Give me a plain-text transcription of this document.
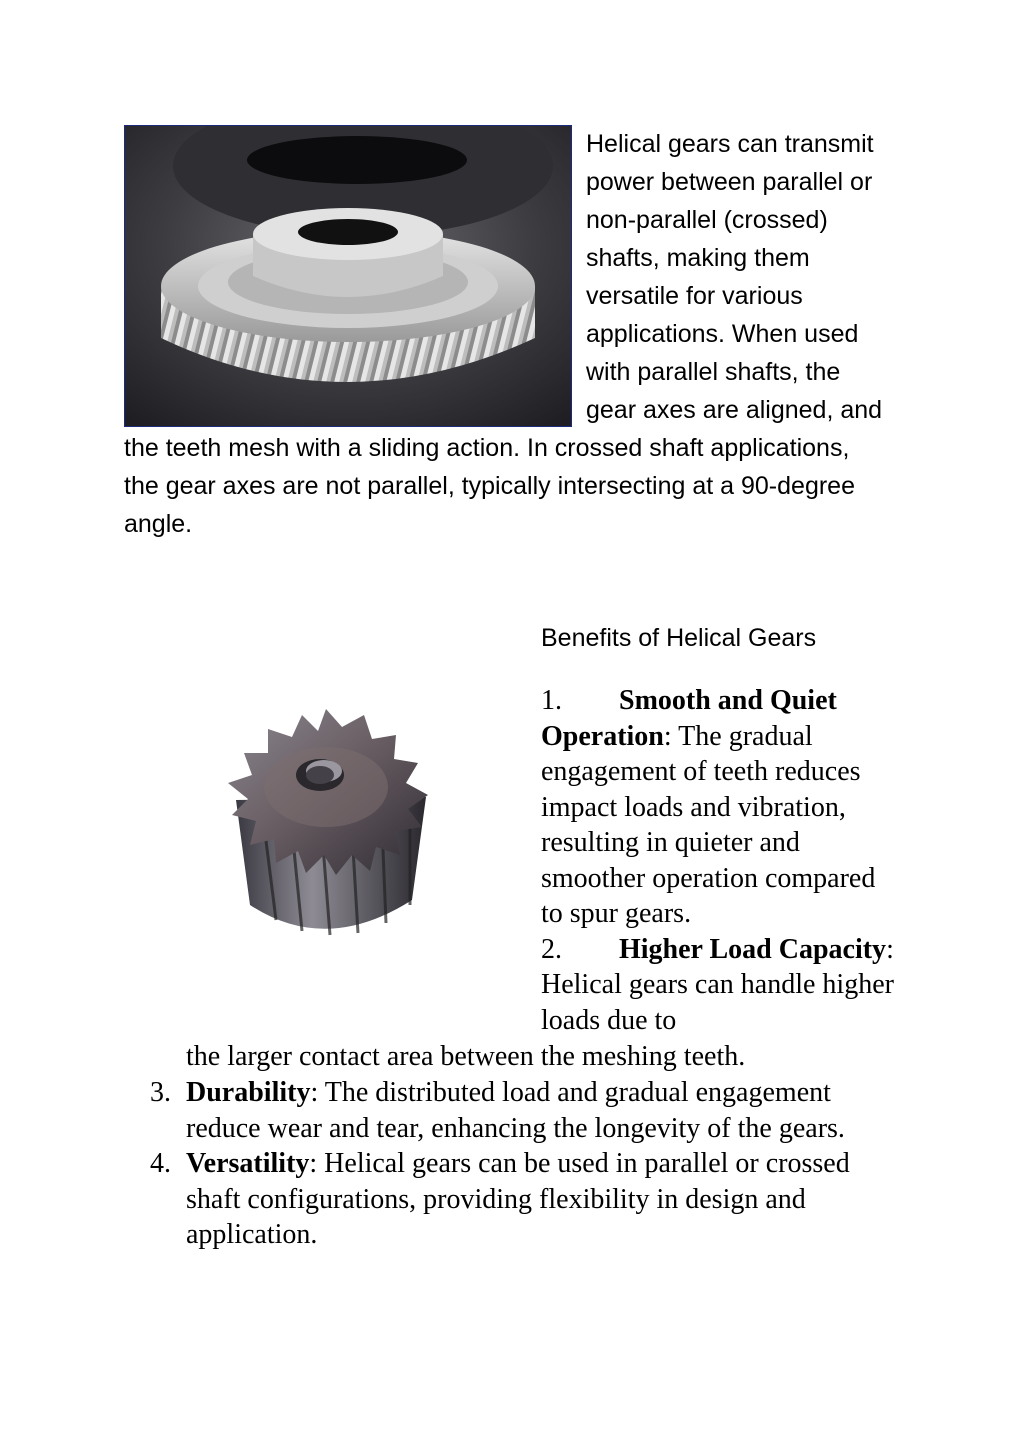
Helical gears can transmit power between parallel or non-parallel (crossed) shafts, making them versatile for various applications. When used with parallel shafts, the gear axes are aligned, and the teeth mesh with a sliding action. In crossed shaft applications, the gear axes are not parallel, typically intersecting at a 90-degree angle.
Benefits of Helical Gears

1. Smooth and Quiet Operation: The gradual engagement of teeth reduces impact loads and vibration, resulting in quieter and smoother operation compared to spur gears.

2. Higher Load Capacity: Helical gears can handle higher loads due to

the larger contact area between the meshing teeth.

3. Durability: The distributed load and gradual engagement reduce wear and tear, enhancing the longevity of the gears.
4. Versatility: Helical gears can be used in parallel or crossed shaft configurations, providing flexibility in design and application.
